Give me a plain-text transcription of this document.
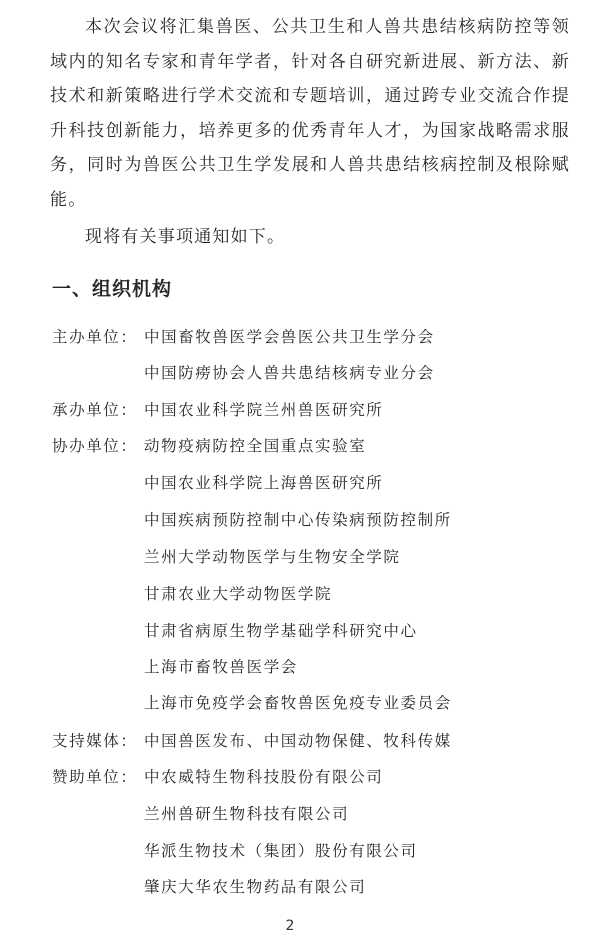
本次会议将汇集兽医、公共卫生和人兽共患结核病防控等领域内的知名专家和青年学者，针对各自研究新进展、新方法、新技术和新策略进行学术交流和专题培训，通过跨专业交流合作提升科技创新能力，培养更多的优秀青年人才，为国家战略需求服务，同时为兽医公共卫生学发展和人兽共患结核病控制及根除赋能。

现将有关事项通知如下。

一、组织机构
主办单位： 中国畜牧兽医学会兽医公共卫生学分会
中国防痨协会人兽共患结核病专业分会
承办单位： 中国农业科学院兰州兽医研究所
协办单位： 动物疫病防控全国重点实验室
中国农业科学院上海兽医研究所
中国疾病预防控制中心传染病预防控制所
兰州大学动物医学与生物安全学院
甘肃农业大学动物医学院
甘肃省病原生物学基础学科研究中心
上海市畜牧兽医学会
上海市免疫学会畜牧兽医免疫专业委员会
支持媒体： 中国兽医发布、中国动物保健、牧科传媒
赞助单位： 中农威特生物科技股份有限公司
兰州兽研生物科技有限公司
华派生物技术（集团）股份有限公司
肇庆大华农生物药品有限公司
2
